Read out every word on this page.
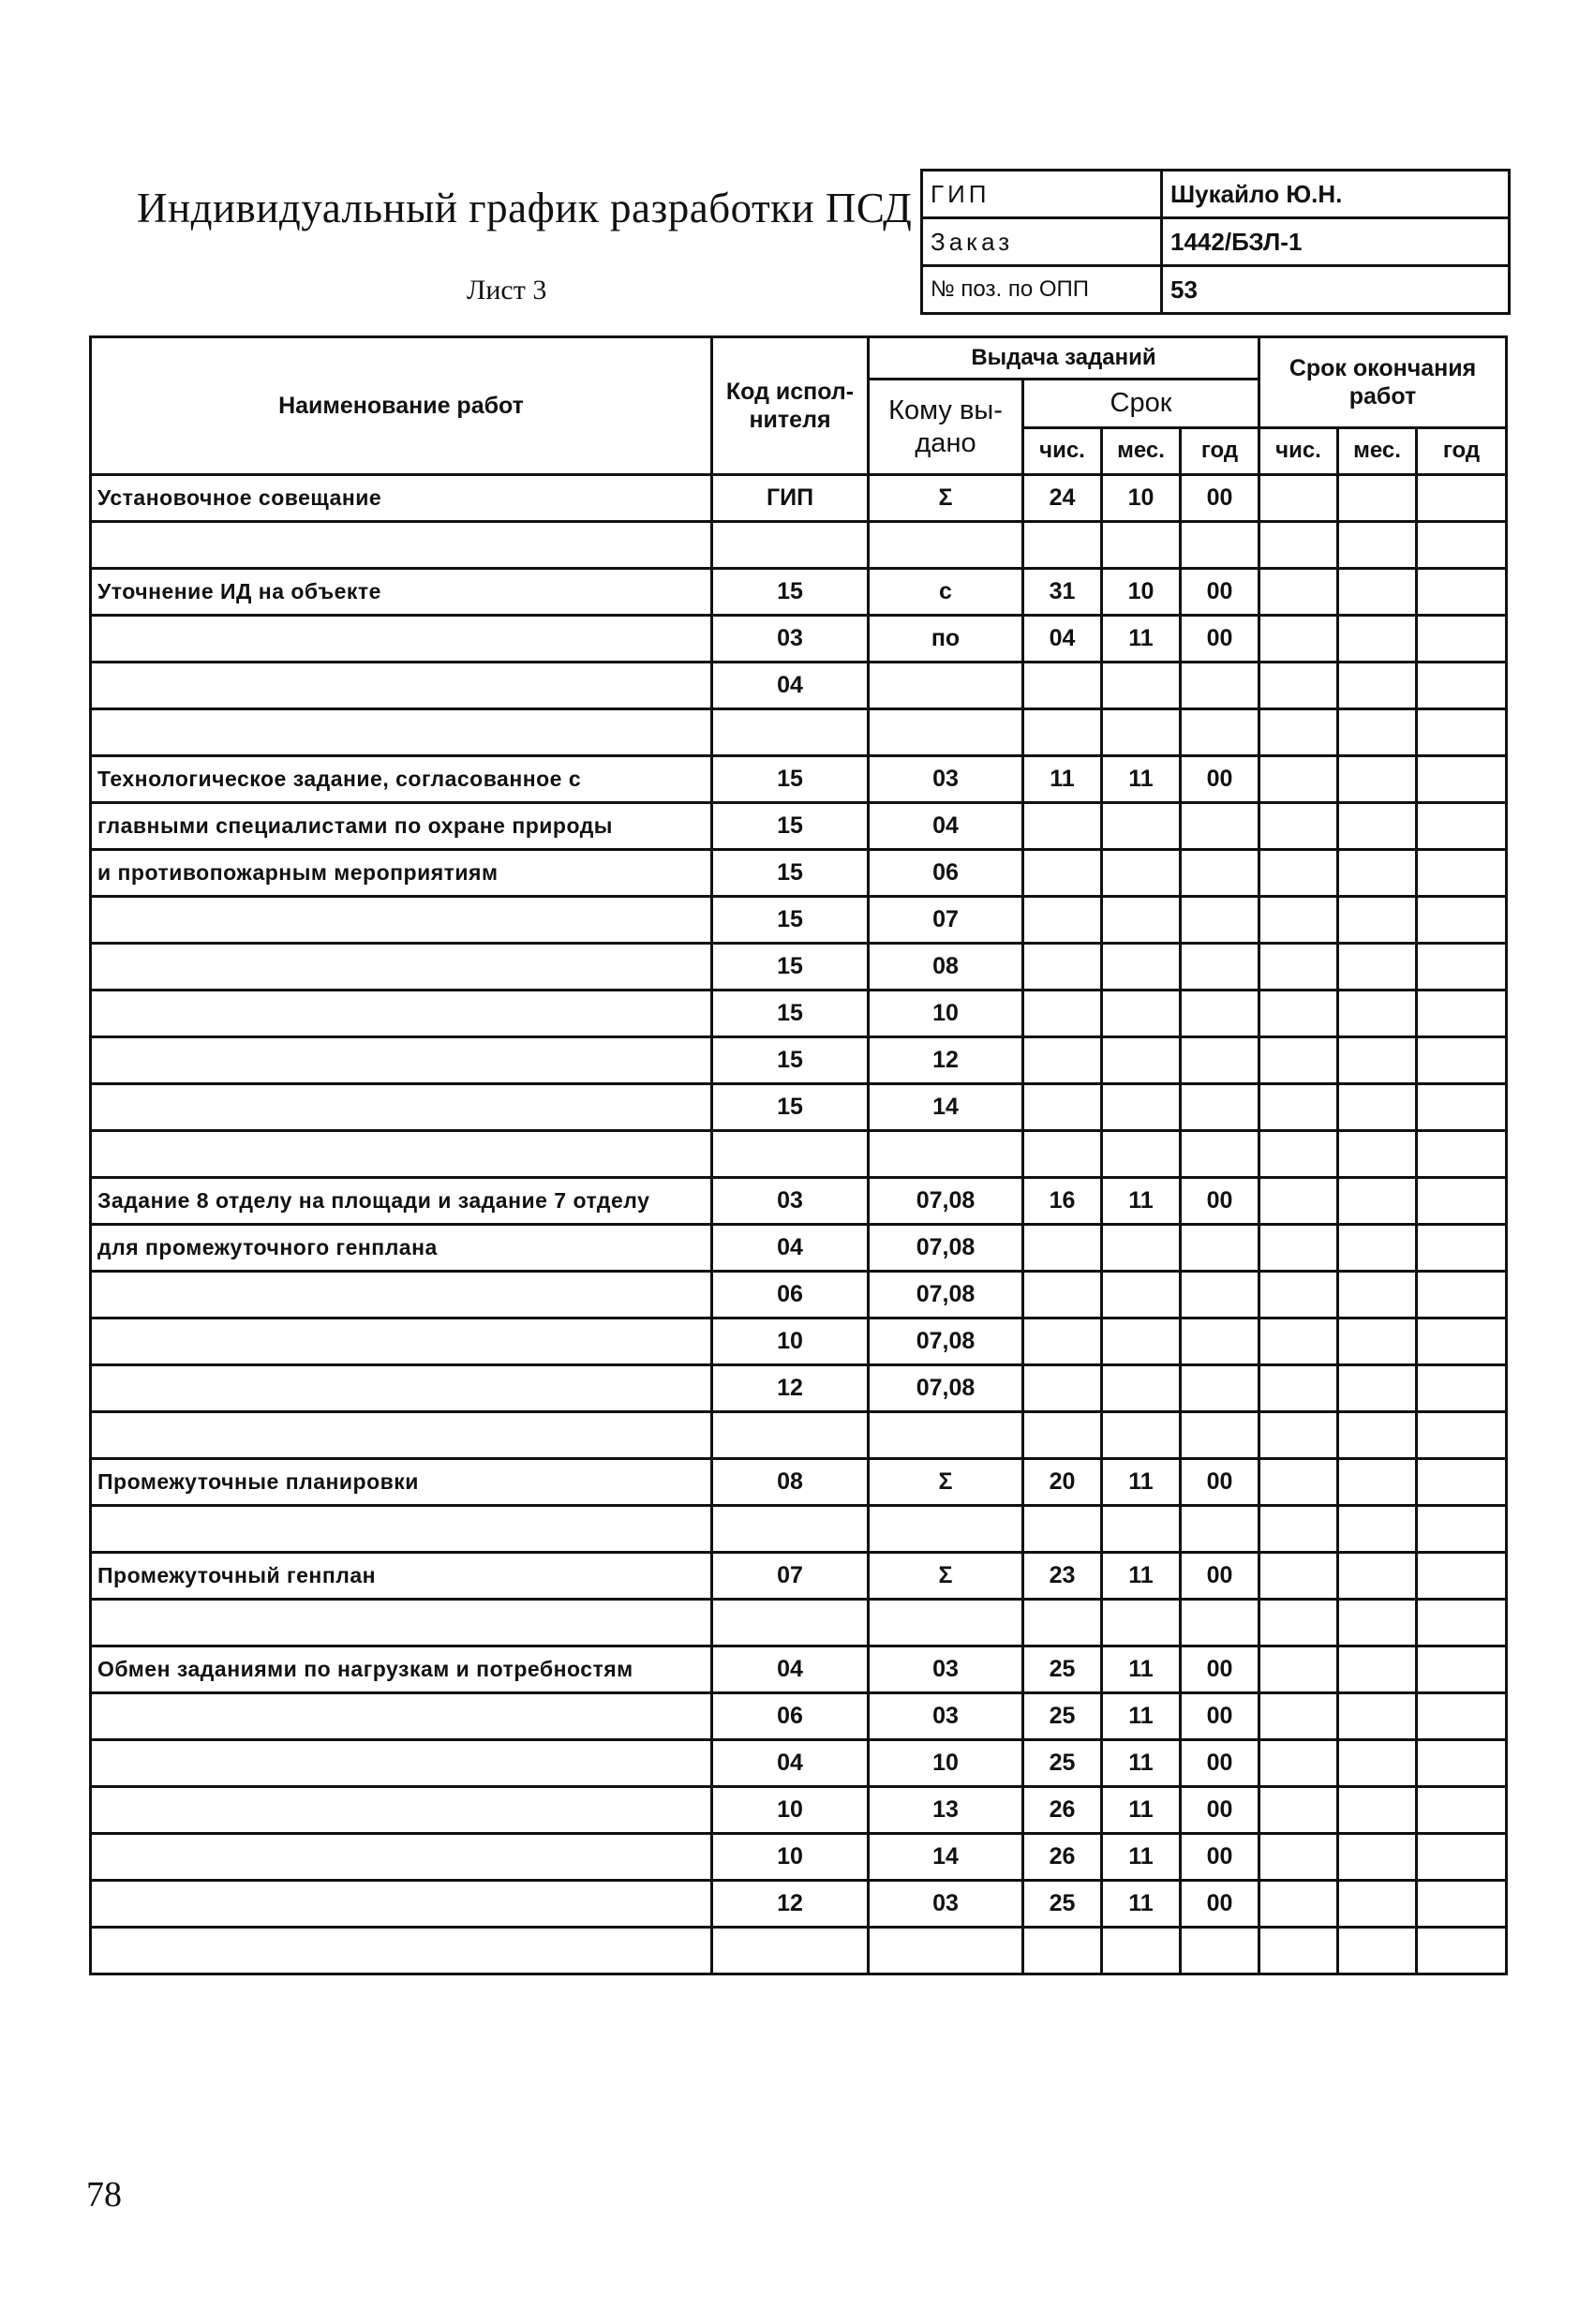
Индивидуальный график разработки ПСД
Лист 3
ГИП	Шукайло Ю.Н.
Заказ	1442/БЗЛ-1
№ поз. по ОПП	53
Наименование работ	Код испол-нителя	Выдача заданий				Срок окончания работ		
		Кому вы-дано	Срок					
			чис.	мес.	год	чис.	мес.	год
Установочное совещание	ГИП	Σ	24	10	00			

Уточнение ИД на объекте	15	с	31	10	00			
	03	по	04	11	00			
	04							

Технологическое задание, согласованное с	15	03	11	11	00			
главными специалистами по охране природы	15	04						
и противопожарным мероприятиям	15	06						
	15	07						
	15	08						
	15	10						
	15	12						
	15	14						

Задание 8 отделу на площади и задание 7 отделу	03	07,08	16	11	00			
для промежуточного генплана	04	07,08						
	06	07,08						
	10	07,08						
	12	07,08						

Промежуточные планировки	08	Σ	20	11	00			

Промежуточный генплан	07	Σ	23	11	00			

Обмен заданиями по нагрузкам и потребностям	04	03	25	11	00			
	06	03	25	11	00			
	04	10	25	11	00			
	10	13	26	11	00			
	10	14	26	11	00			
	12	03	25	11	00			

78
